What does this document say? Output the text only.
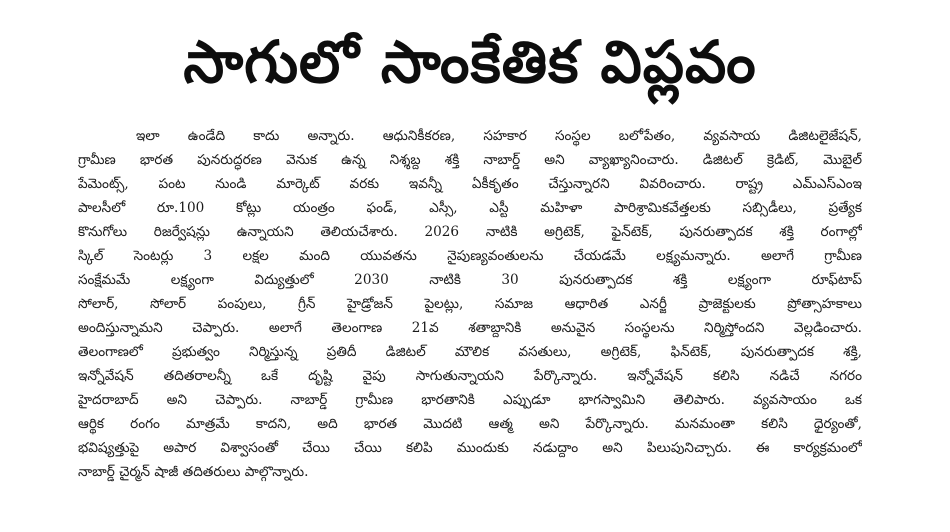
సాగులో సాంకేతిక విప్లవం
ఇలా ఉండేది కాదు అన్నారు. ఆధునికీకరణ, సహకార సంస్థల బలోపేతం, వ్యవసాయ డిజిటలైజేషన్,
గ్రామీణ భారత పునరుద్ధరణ వెనుక ఉన్న నిశ్శబ్ద శక్తి నాబార్డ్ అని వ్యాఖ్యానించారు. డిజిటల్ క్రెడిట్, మొబైల్
పేమెంట్స్, పంట నుండి మార్కెట్ వరకు ఇవన్నీ ఏకీకృతం చేస్తున్నారని వివరించారు. రాష్ట్ర ఎమ్ఎస్ఎంఇ
పాలసీలో రూ.100 కోట్లు యంత్రం ఫండ్, ఎస్సీ, ఎస్టీ మహిళా పారిశ్రామికవేత్తలకు సబ్సిడీలు, ప్రత్యేక
కొనుగోలు రిజర్వేషన్లు ఉన్నాయని తెలియచేశారు. 2026 నాటికి అగ్రిటెక్, ఫైన్‌టెక్, పునరుత్పాదక శక్తి రంగాల్లో
స్కిల్ సెంటర్లు 3 లక్షల మంది యువతను నైపుణ్యవంతులను చేయడమే లక్ష్యమన్నారు. అలాగే గ్రామీణ
సంక్షేమమే లక్ష్యంగా విద్యుత్తులో 2030 నాటికి 30 పునరుత్పాదక శక్తి లక్ష్యంగా రూఫ్‌టాప్
సోలార్, సోలార్ పంపులు, గ్రీన్ హైడ్రోజన్ పైలట్లు, సమాజ ఆధారిత ఎనర్జీ ప్రాజెక్టులకు ప్రోత్సాహకాలు
అందిస్తున్నామని చెప్పారు. అలాగే తెలంగాణ 21వ శతాబ్దానికి అనువైన సంస్థలను నిర్మిస్తోందని వెల్లడించారు.
తెలంగాణలో ప్రభుత్వం నిర్మిస్తున్న ప్రతిదీ డిజిటల్ మౌలిక వసతులు, అగ్రిటెక్, ఫిన్‌టెక్, పునరుత్పాదక శక్తి,
ఇన్నోవేషన్ తదితరాలన్నీ ఒకే దృష్టి వైపు సాగుతున్నాయని పేర్కొన్నారు. ఇన్నోవేషన్ కలిసి నడిచే నగరం
హైదరాబాద్ అని చెప్పారు. నాబార్డ్ గ్రామీణ భారతానికి ఎప్పుడూ భాగస్వామిని తెలిపారు. వ్యవసాయం ఒక
ఆర్థిక రంగం మాత్రమే కాదని, అది భారత మొదటి ఆత్మ అని పేర్కొన్నారు. మనమంతా కలిసి ధైర్యంతో,
భవిష్యత్తుపై అపార విశ్వాసంతో చేయి చేయి కలిపి ముందుకు నడుద్దాం అని పిలుపునిచ్చారు. ఈ కార్యక్రమంలో
నాబార్డ్ చైర్మన్ షాజీ తదితరులు పాల్గొన్నారు.
